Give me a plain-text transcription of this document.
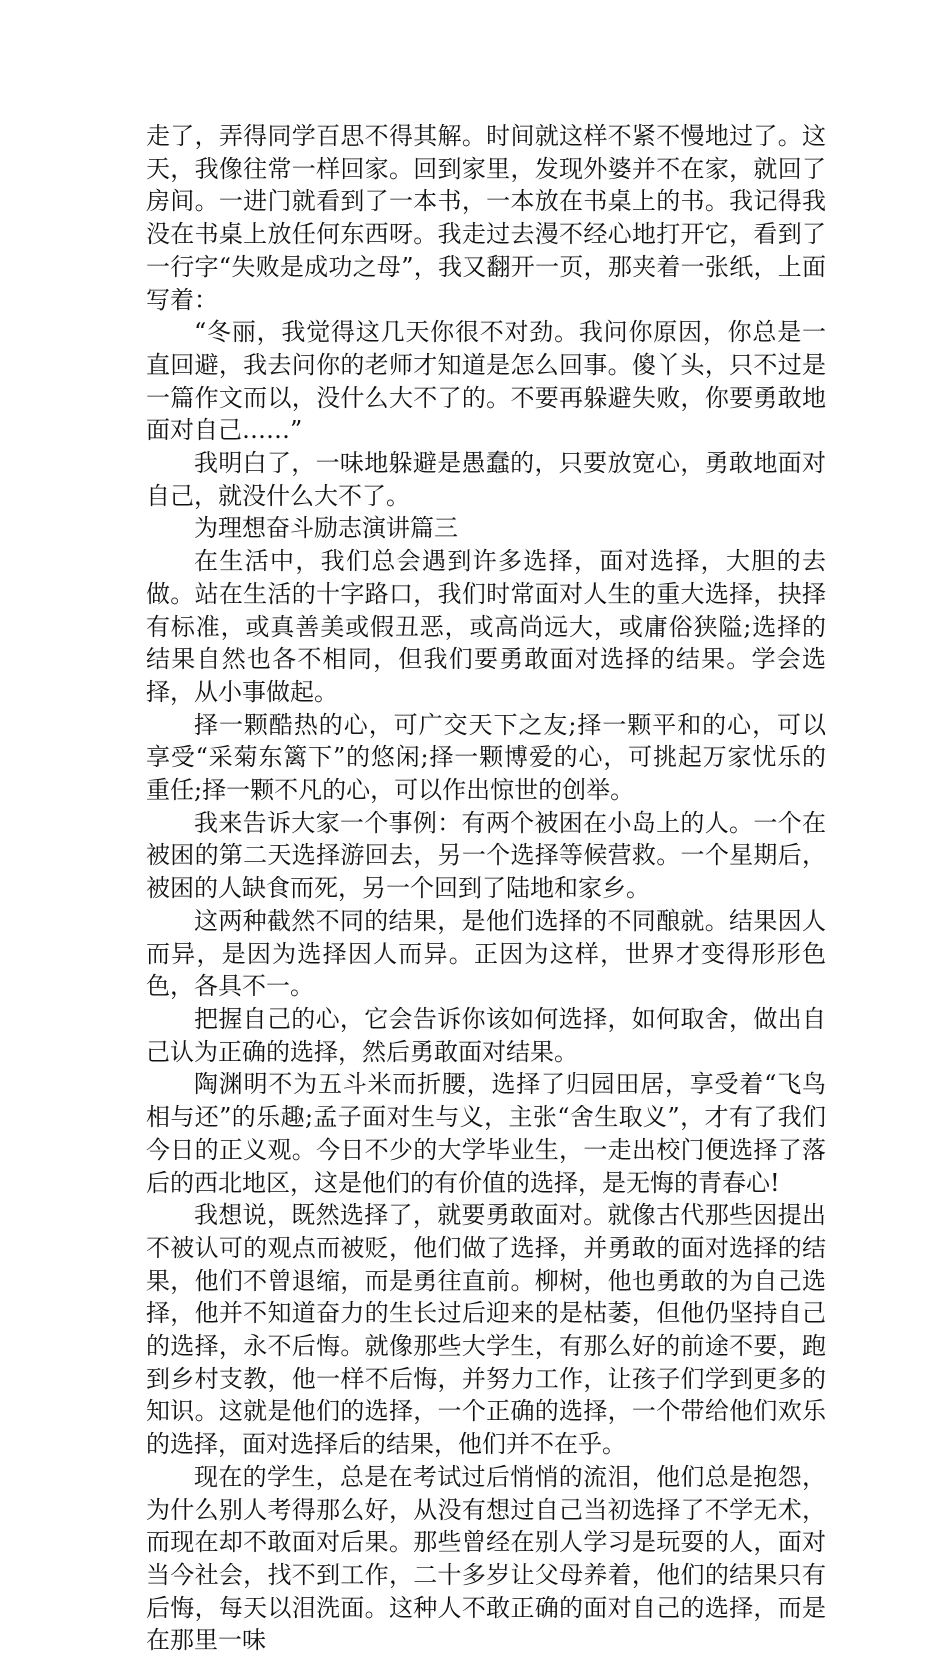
走了，弄得同学百思不得其解。时间就这样不紧不慢地过了。这天，我像往常一样回家。回到家里，发现外婆并不在家，就回了房间。一进门就看到了一本书，一本放在书桌上的书。我记得我没在书桌上放任何东西呀。我走过去漫不经心地打开它，看到了一行字“失败是成功之母”，我又翻开一页，那夹着一张纸，上面写着：

“冬丽，我觉得这几天你很不对劲。我问你原因，你总是一直回避，我去问你的老师才知道是怎么回事。傻丫头，只不过是一篇作文而以，没什么大不了的。不要再躲避失败，你要勇敢地面对自己……”

我明白了，一味地躲避是愚蠢的，只要放宽心，勇敢地面对自己，就没什么大不了。

为理想奋斗励志演讲篇三

在生活中，我们总会遇到许多选择，面对选择，大胆的去做。站在生活的十字路口，我们时常面对人生的重大选择，抉择有标准，或真善美或假丑恶，或高尚远大，或庸俗狭隘;选择的结果自然也各不相同，但我们要勇敢面对选择的结果。学会选择，从小事做起。

择一颗酷热的心，可广交天下之友;择一颗平和的心，可以享受“采菊东篱下”的悠闲;择一颗博爱的心，可挑起万家忧乐的重任;择一颗不凡的心，可以作出惊世的创举。

我来告诉大家一个事例：有两个被困在小岛上的人。一个在被困的第二天选择游回去，另一个选择等候营救。一个星期后，被困的人缺食而死，另一个回到了陆地和家乡。

这两种截然不同的结果，是他们选择的不同酿就。结果因人而异，是因为选择因人而异。正因为这样，世界才变得形形色色，各具不一。

把握自己的心，它会告诉你该如何选择，如何取舍，做出自己认为正确的选择，然后勇敢面对结果。

陶渊明不为五斗米而折腰，选择了归园田居，享受着“飞鸟相与还”的乐趣;孟子面对生与义，主张“舍生取义”，才有了我们今日的正义观。今日不少的大学毕业生，一走出校门便选择了落后的西北地区，这是他们的有价值的选择，是无悔的青春心!

我想说，既然选择了，就要勇敢面对。就像古代那些因提出不被认可的观点而被贬，他们做了选择，并勇敢的面对选择的结果，他们不曾退缩，而是勇往直前。柳树，他也勇敢的为自己选择，他并不知道奋力的生长过后迎来的是枯萎，但他仍坚持自己的选择，永不后悔。就像那些大学生，有那么好的前途不要，跑到乡村支教，他一样不后悔，并努力工作，让孩子们学到更多的知识。这就是他们的选择，一个正确的选择，一个带给他们欢乐的选择，面对选择后的结果，他们并不在乎。

现在的学生，总是在考试过后悄悄的流泪，他们总是抱怨，为什么别人考得那么好，从没有想过自己当初选择了不学无术，而现在却不敢面对后果。那些曾经在别人学习是玩耍的人，面对当今社会，找不到工作，二十多岁让父母养着，他们的结果只有后悔，每天以泪洗面。这种人不敢正确的面对自己的选择，而是在那里一味
